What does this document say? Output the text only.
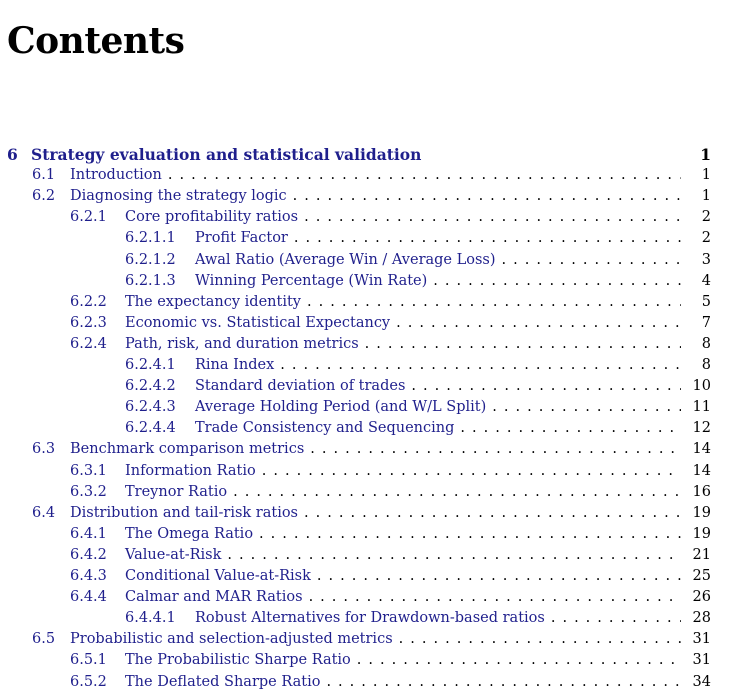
Contents
6 Strategy evaluation and statistical validation	1
6.1 Introduction . . .	1
6.2 Diagnosing the strategy logic . . .	1
6.2.1 Core profitability ratios . . .	2
6.2.1.1 Profit Factor . . .	2
6.2.1.2 Awal Ratio (Average Win / Average Loss) . . .	3
6.2.1.3 Winning Percentage (Win Rate) . . .	4
6.2.2 The expectancy identity . . .	5
6.2.3 Economic vs. Statistical Expectancy . . .	7
6.2.4 Path, risk, and duration metrics . . .	8
6.2.4.1 Rina Index . . .	8
6.2.4.2 Standard deviation of trades . . .	10
6.2.4.3 Average Holding Period (and W/L Split) . . .	11
6.2.4.4 Trade Consistency and Sequencing . . .	12
6.3 Benchmark comparison metrics . . .	14
6.3.1 Information Ratio . . .	14
6.3.2 Treynor Ratio . . .	16
6.4 Distribution and tail-risk ratios . . .	19
6.4.1 The Omega Ratio . . .	19
6.4.2 Value-at-Risk . . .	21
6.4.3 Conditional Value-at-Risk . . .	25
6.4.4 Calmar and MAR Ratios . . .	26
6.4.4.1 Robust Alternatives for Drawdown-based ratios . . .	28
6.5 Probabilistic and selection-adjusted metrics . . .	31
6.5.1 The Probabilistic Sharpe Ratio . . .	31
6.5.2 The Deflated Sharpe Ratio . . .	34
